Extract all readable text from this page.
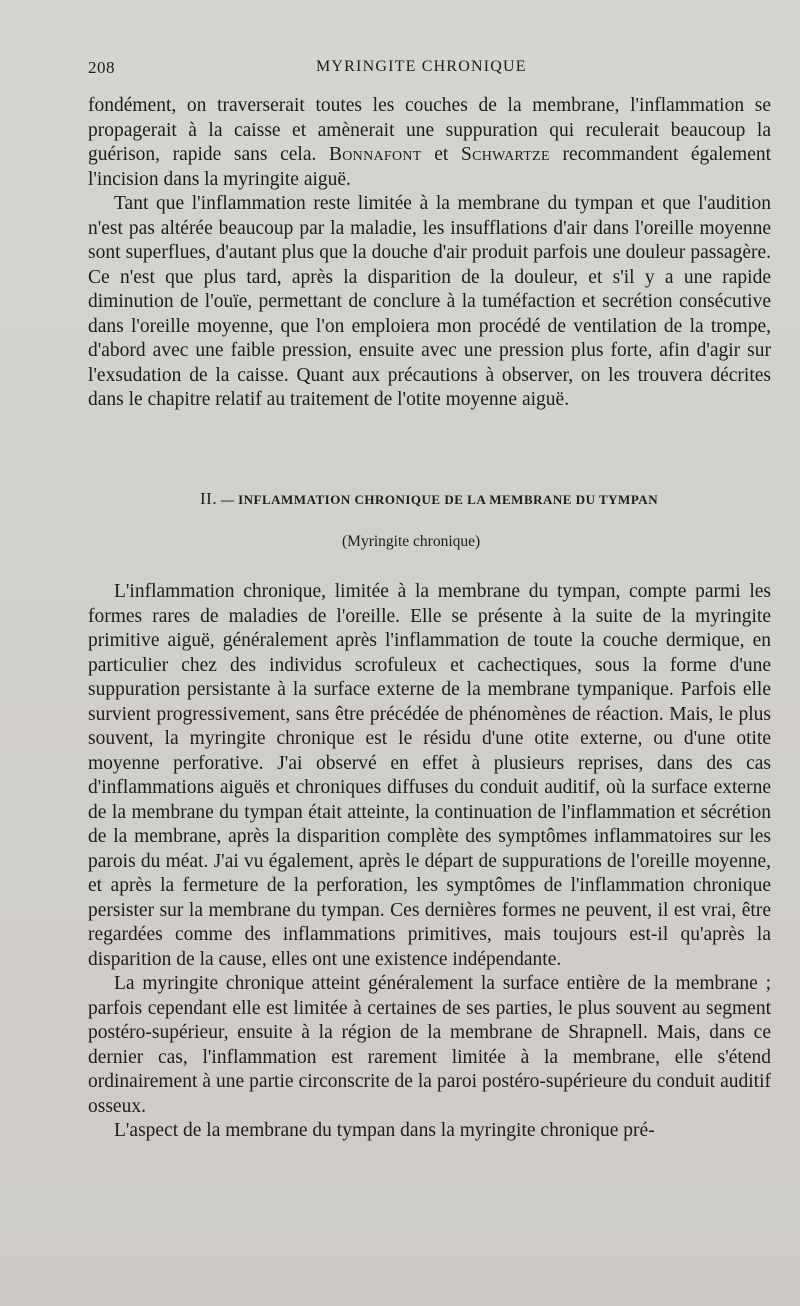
208	MYRINGITE CHRONIQUE

fondément, on traverserait toutes les couches de la membrane, l'inflammation se propagerait à la caisse et amènerait une suppuration qui reculerait beaucoup la guérison, rapide sans cela. Bonnafont et Schwartze recommandent également l'incision dans la myringite aiguë.

Tant que l'inflammation reste limitée à la membrane du tympan et que l'audition n'est pas altérée beaucoup par la maladie, les insufflations d'air dans l'oreille moyenne sont superflues, d'autant plus que la douche d'air produit parfois une douleur passagère. Ce n'est que plus tard, après la disparition de la douleur, et s'il y a une rapide diminution de l'ouïe, permettant de conclure à la tuméfaction et secrétion consécutive dans l'oreille moyenne, que l'on emploiera mon procédé de ventilation de la trompe, d'abord avec une faible pression, ensuite avec une pression plus forte, afin d'agir sur l'exsudation de la caisse. Quant aux précautions à observer, on les trouvera décrites dans le chapitre relatif au traitement de l'otite moyenne aiguë.

II. — INFLAMMATION CHRONIQUE DE LA MEMBRANE DU TYMPAN
(Myringite chronique)

L'inflammation chronique, limitée à la membrane du tympan, compte parmi les formes rares de maladies de l'oreille. Elle se présente à la suite de la myringite primitive aiguë, généralement après l'inflammation de toute la couche dermique, en particulier chez des individus scrofuleux et cachectiques, sous la forme d'une suppuration persistante à la surface externe de la membrane tympanique. Parfois elle survient progressivement, sans être précédée de phénomènes de réaction. Mais, le plus souvent, la myringite chronique est le résidu d'une otite externe, ou d'une otite moyenne perforative. J'ai observé en effet à plusieurs reprises, dans des cas d'inflammations aiguës et chroniques diffuses du conduit auditif, où la surface externe de la membrane du tympan était atteinte, la continuation de l'inflammation et sécrétion de la membrane, après la disparition complète des symptômes inflammatoires sur les parois du méat. J'ai vu également, après le départ de suppurations de l'oreille moyenne, et après la fermeture de la perforation, les symptômes de l'inflammation chronique persister sur la membrane du tympan. Ces dernières formes ne peuvent, il est vrai, être regardées comme des inflammations primitives, mais toujours est-il qu'après la disparition de la cause, elles ont une existence indépendante.

La myringite chronique atteint généralement la surface entière de la membrane ; parfois cependant elle est limitée à certaines de ses parties, le plus souvent au segment postéro-supérieur, ensuite à la région de la membrane de Shrapnell. Mais, dans ce dernier cas, l'inflammation est rarement limitée à la membrane, elle s'étend ordinairement à une partie circonscrite de la paroi postéro-supérieure du conduit auditif osseux.

L'aspect de la membrane du tympan dans la myringite chronique pré-
